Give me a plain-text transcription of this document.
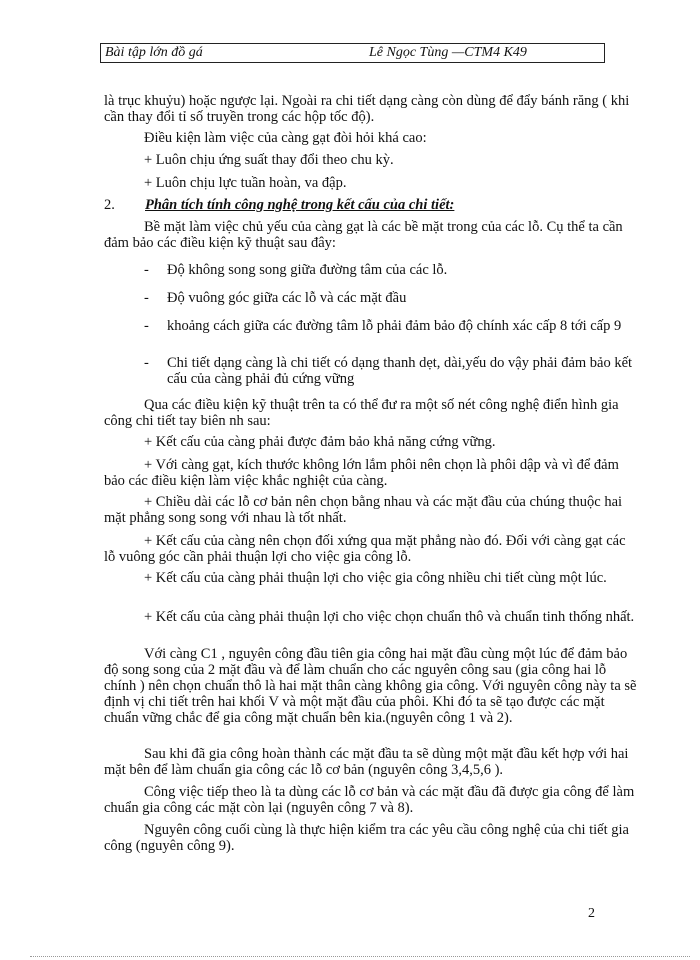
Bài tập lớn đồ gá	Lê Ngọc Tùng —CTM4 K49
là trục khuỷu) hoặc ngược lại. Ngoài ra chi tiết dạng càng còn dùng để đẩy bánh răng ( khi cần thay đổi tỉ số truyền trong các hộp tốc độ).
Điều kiện làm việc của càng gạt đòi hỏi khá cao:
+ Luôn chịu ứng suất thay đổi theo chu kỳ.
+ Luôn chịu lực tuần hoàn, va đập.
2. Phân tích tính công nghệ trong kết cấu của chi tiết:
Bề mặt làm việc chủ yếu của càng gạt là các bề mặt trong của các lỗ. Cụ thể ta cần đảm bảo các điều kiện kỹ thuật sau đây:
- Độ không song song giữa đường tâm của các lỗ.
- Độ vuông góc giữa các lỗ và các mặt đầu
- khoảng cách giữa các đường tâm lỗ phải đảm bảo độ chính xác cấp 8 tới cấp 9
- Chi tiết dạng càng là chi tiết có dạng thanh dẹt, dài,yếu do vậy phải đảm bảo kết cấu của càng phải đủ cứng vững
Qua các điều kiện kỹ thuật trên ta có thể đư ra một số nét công nghệ điển hình gia công chi tiết tay biên nh sau:
+ Kết cấu của càng phải được đảm bảo khả năng cứng vững.
+ Với càng gạt, kích thước không lớn lắm phôi nên chọn là phôi dập và vì để đảm bảo các điều kiện làm việc khắc nghiệt của càng.
+ Chiều dài các lỗ cơ bản nên chọn bằng nhau và các mặt đầu của chúng thuộc hai mặt phẳng song song với nhau là tốt nhất.
+ Kết cấu của càng nên chọn đối xứng qua mặt phẳng nào đó. Đối với càng gạt các lỗ vuông góc cần phải thuận lợi cho việc gia công lỗ.
+ Kết cấu của càng phải thuận lợi cho việc gia công nhiều chi tiết cùng một lúc.
+ Kết cấu của càng phải thuận lợi cho việc chọn chuẩn thô và chuẩn tinh thống nhất.
Với càng C1 , nguyên công đầu tiên gia công hai mặt đầu cùng một lúc để đảm bảo độ song song của 2 mặt đầu và để làm chuẩn cho các nguyên công sau (gia công hai lỗ chính ) nên chọn chuẩn thô là hai mặt thân càng không gia công. Với nguyên công này ta sẽ định vị chi tiết trên hai khối V và một mặt đầu của phôi. Khi đó ta sẽ tạo được các mặt chuẩn vững chắc để gia công mặt chuẩn bên kia.(nguyên công 1 và 2).
Sau khi đã gia công hoàn thành các mặt đầu ta sẽ dùng một mặt đầu kết hợp với hai mặt bên để làm chuẩn gia công các lỗ cơ bản (nguyên công 3,4,5,6 ).
Công việc tiếp theo là ta dùng các lỗ cơ bản và các mặt đầu đã được gia công để làm chuẩn gia công các mặt còn lại (nguyên công 7 và 8).
Nguyên công cuối cùng là thực hiện kiểm tra các yêu cầu công nghệ của chi tiết gia công (nguyên công 9).
2
